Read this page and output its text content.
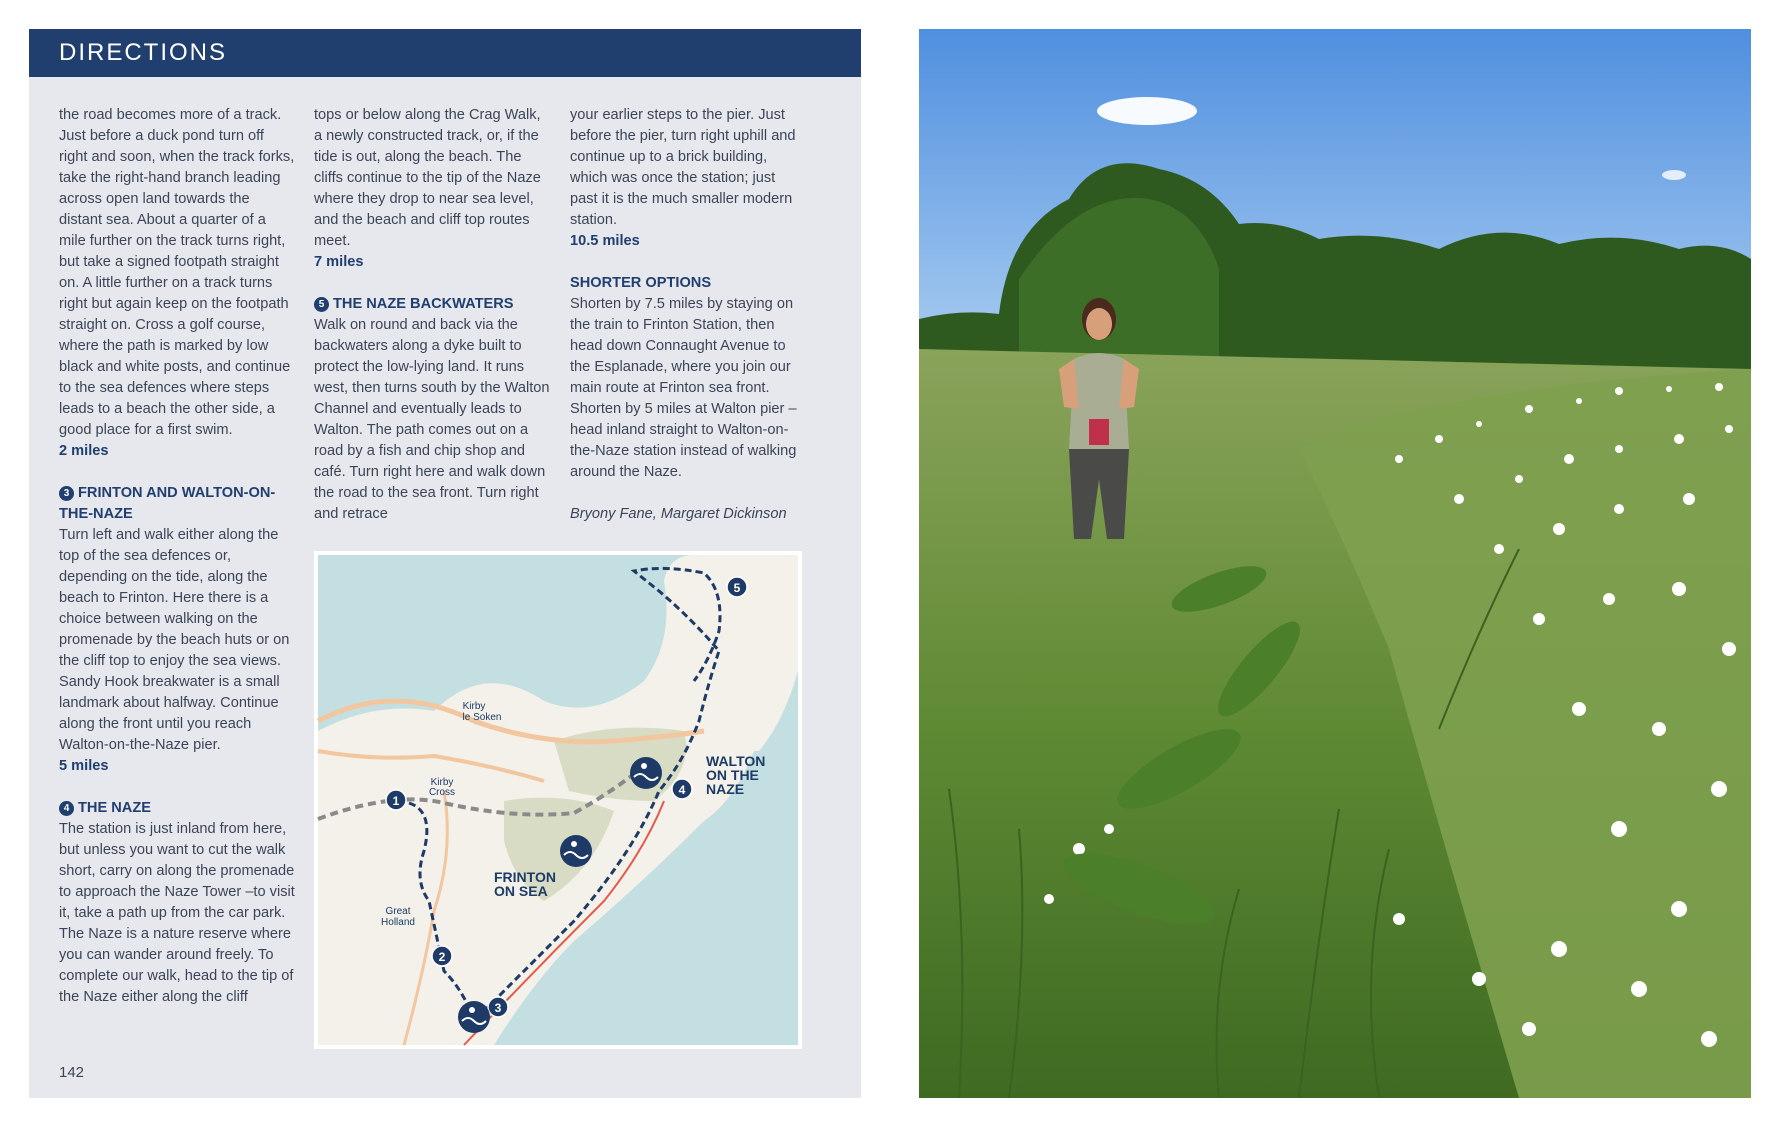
DIRECTIONS

the road becomes more of a track. Just before a duck pond turn off right and soon, when the track forks, take the right-hand branch leading across open land towards the distant sea. About a quarter of a mile further on the track turns right, but take a signed footpath straight on. A little further on a track turns right but again keep on the footpath straight on. Cross a golf course, where the path is marked by low black and white posts, and continue to the sea defences where steps leads to a beach the other side, a good place for a first swim.

2 miles

3 FRINTON AND WALTON-ON-THE-NAZE

Turn left and walk either along the top of the sea defences or, depending on the tide, along the beach to Frinton. Here there is a choice between walking on the promenade by the beach huts or on the cliff top to enjoy the sea views. Sandy Hook breakwater is a small landmark about halfway. Continue along the front until you reach Walton-on-the-Naze pier.

5 miles

4 THE NAZE

The station is just inland from here, but unless you want to cut the walk short, carry on along the promenade to approach the Naze Tower –to visit it, take a path up from the car park. The Naze is a nature reserve where you can wander around freely. To complete our walk, head to the tip of the Naze either along the cliff

tops or below along the Crag Walk, a newly constructed track, or, if the tide is out, along the beach. The cliffs continue to the tip of the Naze where they drop to near sea level, and the beach and cliff top routes meet.

7 miles

5 THE NAZE BACKWATERS

Walk on round and back via the backwaters along a dyke built to protect the low-lying land. It runs west, then turns south by the Walton Channel and eventually leads to Walton. The path comes out on a road by a fish and chip shop and café. Turn right here and walk down the road to the sea front. Turn right and retrace

your earlier steps to the pier. Just before the pier, turn right uphill and continue up to a brick building, which was once the station; just past it is the much smaller modern station.

10.5 miles

SHORTER OPTIONS

Shorten by 7.5 miles by staying on the train to Frinton Station, then head down Connaught Avenue to the Esplanade, where you join our main route at Frinton sea front. Shorten by 5 miles at Walton pier – head inland straight to Walton-on-the-Naze station instead of walking around the Naze.

Bryony Fane, Margaret Dickinson

1
2
3
4
5
Kirby
le Soken
Kirby
Cross
Great
Holland
FRINTON
ON SEA
WALTON
ON THE
NAZE
142
